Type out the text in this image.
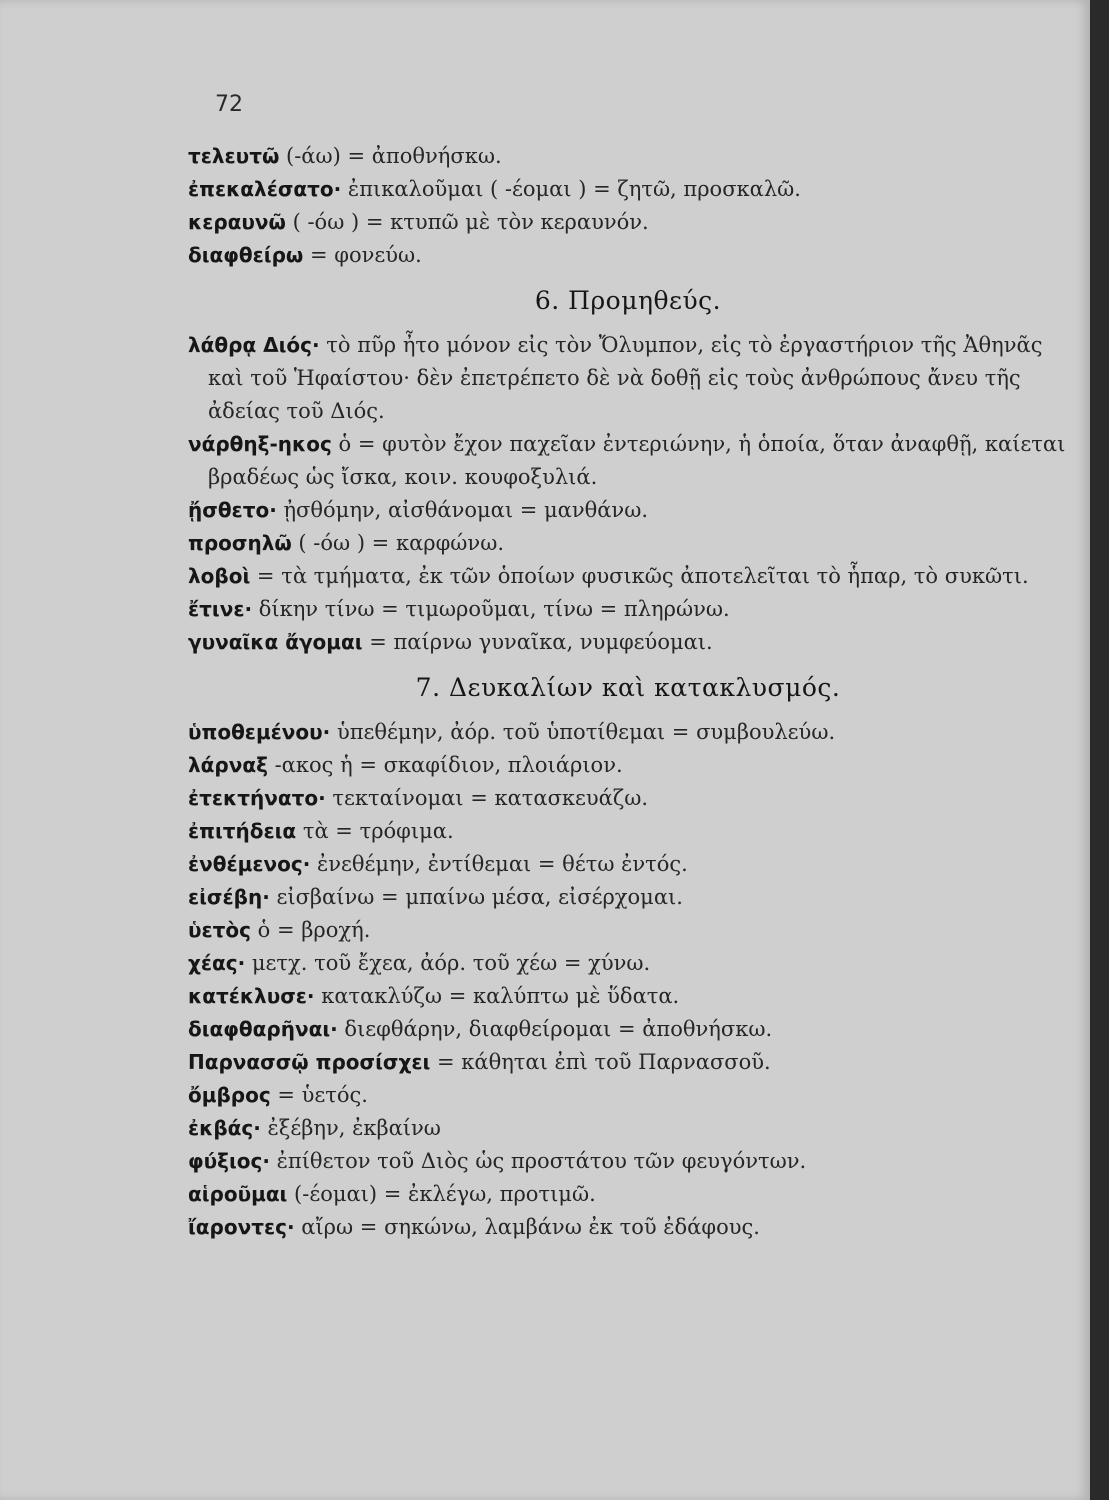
72

τελευτῶ (-άω) = ἀποθνήσκω.

ἐπεκαλέσατο· ἐπικαλοῦμαι ( -έομαι ) = ζητῶ, προσκαλῶ.

κεραυνῶ ( -όω ) = κτυπῶ μὲ τὸν κεραυνόν.

διαφθείρω = φονεύω.

6. Προμηθεύς.

λάθρᾳ Διός· τὸ πῦρ ἦτο μόνον εἰς τὸν Ὄλυμπον, εἰς τὸ ἐργαστήριον τῆς Ἀθηνᾶς καὶ τοῦ Ἡφαίστου· δὲν ἐπετρέπετο δὲ νὰ δοθῇ εἰς τοὺς ἀνθρώπους ἄνευ τῆς ἀδείας τοῦ Διός.

νάρθηξ-ηκος ὁ = φυτὸν ἔχον παχεῖαν ἐντεριώνην, ἡ ὁποία, ὅταν ἀναφθῇ, καίεται βραδέως ὡς ἴσκα, κοιν. κουφοξυλιά.

ᾔσθετο· ᾐσθόμην, αἰσθάνομαι = μανθάνω.

προσηλῶ ( -όω ) = καρφώνω.

λοβοὶ = τὰ τμήματα, ἐκ τῶν ὁποίων φυσικῶς ἀποτελεῖται τὸ ἧπαρ, τὸ συκῶτι.

ἔτινε· δίκην τίνω = τιμωροῦμαι, τίνω = πληρώνω.

γυναῖκα ἄγομαι = παίρνω γυναῖκα, νυμφεύομαι.

7. Δευκαλίων καὶ κατακλυσμός.

ὑποθεμένου· ὑπεθέμην, ἀόρ. τοῦ ὑποτίθεμαι = συμβουλεύω.

λάρναξ -ακος ἡ = σκαφίδιον, πλοιάριον.

ἐτεκτήνατο· τεκταίνομαι = κατασκευάζω.

ἐπιτήδεια τὰ = τρόφιμα.

ἐνθέμενος· ἐνεθέμην, ἐντίθεμαι = θέτω ἐντός.

εἰσέβη· εἰσβαίνω = μπαίνω μέσα, εἰσέρχομαι.

ὑετὸς ὁ = βροχή.

χέας· μετχ. τοῦ ἔχεα, ἀόρ. τοῦ χέω = χύνω.

κατέκλυσε· κατακλύζω = καλύπτω μὲ ὕδατα.

διαφθαρῆναι· διεφθάρην, διαφθείρομαι = ἀποθνήσκω.

Παρνασσῷ προσίσχει = κάθηται ἐπὶ τοῦ Παρνασσοῦ.

ὄμβρος = ὑετός.

ἐκβάς· ἐξέβην, ἐκβαίνω

φύξιος· ἐπίθετον τοῦ Διὸς ὡς προστάτου τῶν φευγόντων.

αἱροῦμαι (-έομαι) = ἐκλέγω, προτιμῶ.

ἴαροντες· αἴρω = σηκώνω, λαμβάνω ἐκ τοῦ ἐδάφους.
